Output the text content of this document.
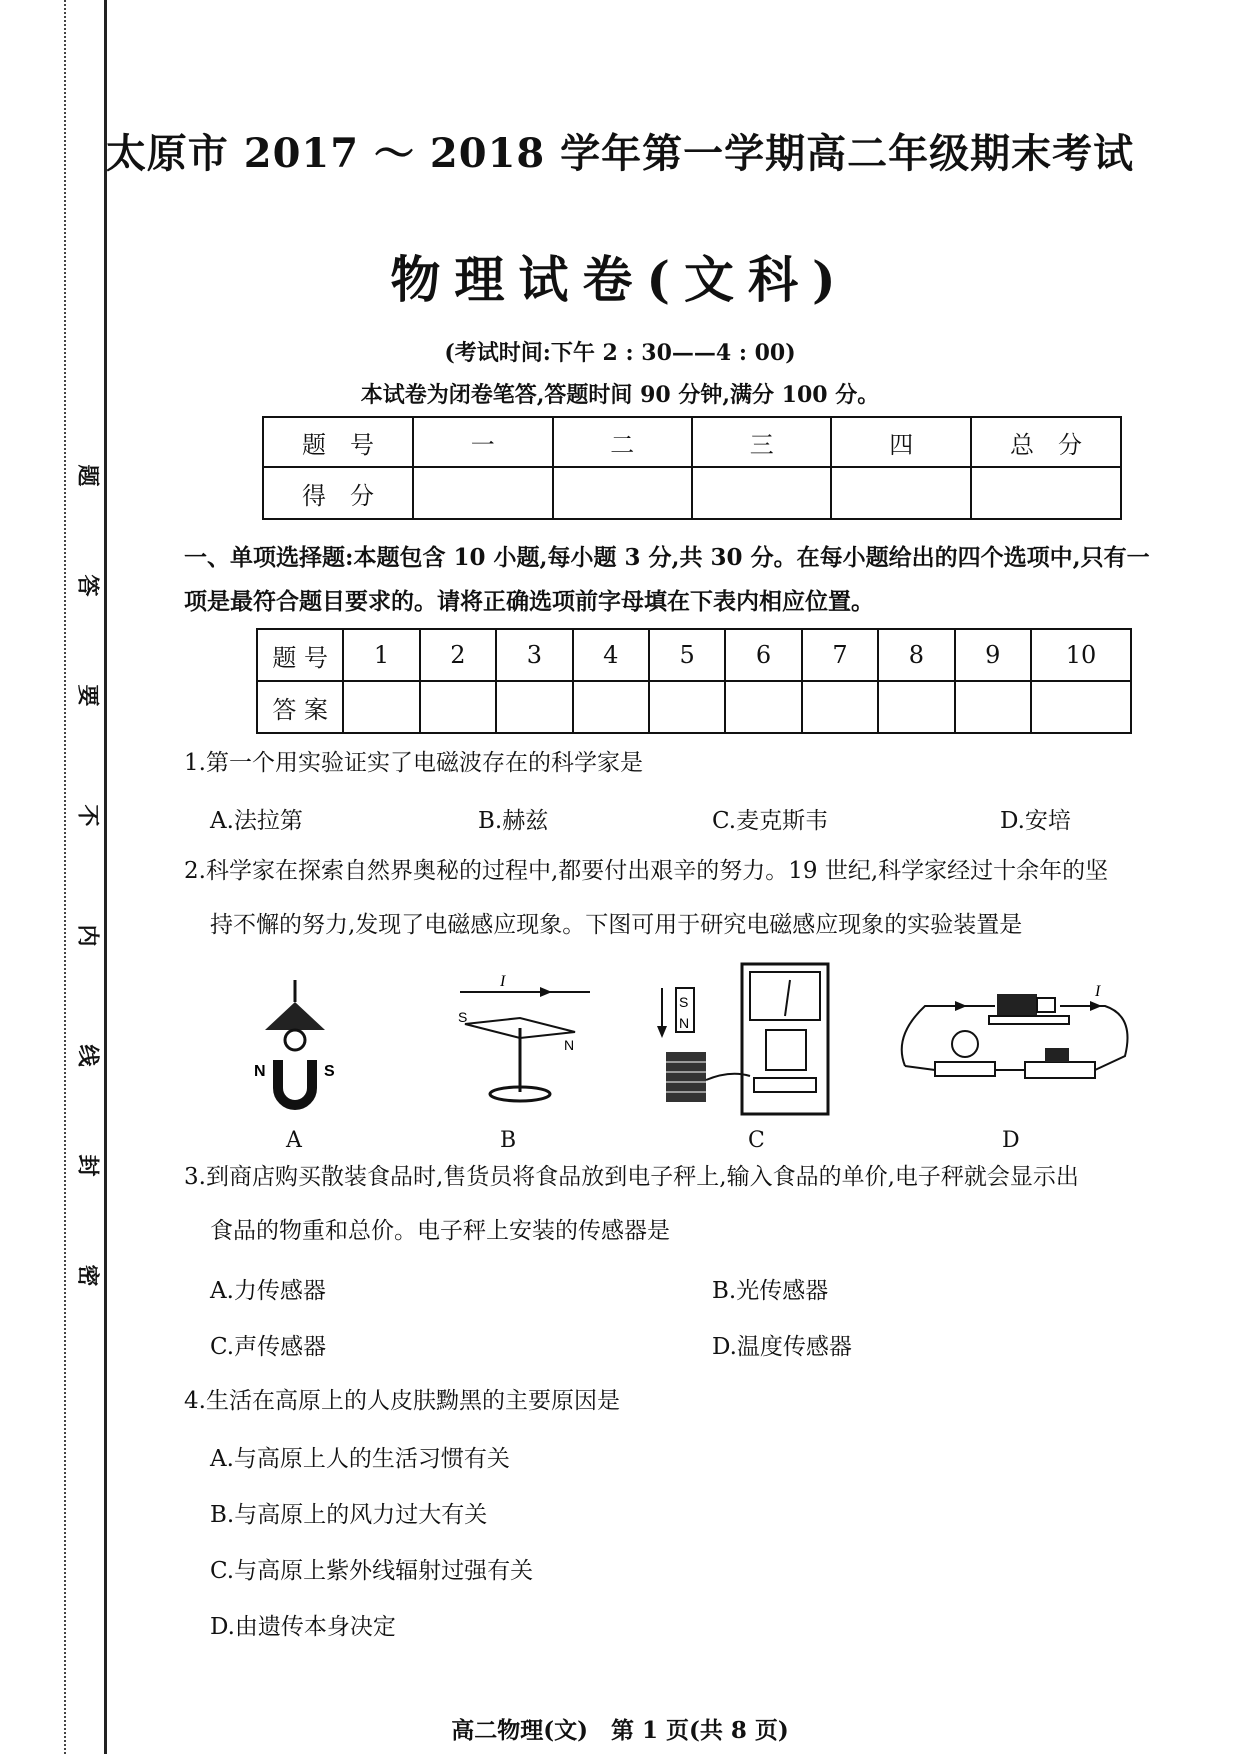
题
答
要
不
内
线
封
密
太原市 2017 ～ 2018 学年第一学期高二年级期末考试
物理试卷(文科)
(考试时间:下午 2 : 30——4 : 00)
本试卷为闭卷笔答,答题时间 90 分钟,满分 100 分。
题　号	一	二	三	四	总　分
得　分					
一、单项选择题:本题包含 10 小题,每小题 3 分,共 30 分。在每小题给出的四个选项中,只有一
项是最符合题目要求的。请将正确选项前字母填在下表内相应位置。
题 号	1	2	3	4	5	6	7	8	9	10
答 案										
1.第一个用实验证实了电磁波存在的科学家是
A.法拉第	B.赫兹	C.麦克斯韦	D.安培
2.科学家在探索自然界奥秘的过程中,都要付出艰辛的努力。19 世纪,科学家经过十余年的坚
持不懈的努力,发现了电磁感应现象。下图可用于研究电磁感应现象的实验装置是
N	S
I
S
N
S
N
I
A	B	C	D
3.到商店购买散装食品时,售货员将食品放到电子秤上,输入食品的单价,电子秤就会显示出
食品的物重和总价。电子秤上安装的传感器是
A.力传感器	B.光传感器
C.声传感器	D.温度传感器
4.生活在高原上的人皮肤黝黑的主要原因是
A.与高原上人的生活习惯有关
B.与高原上的风力过大有关
C.与高原上紫外线辐射过强有关
D.由遗传本身决定
高二物理(文)　第 1 页(共 8 页)
